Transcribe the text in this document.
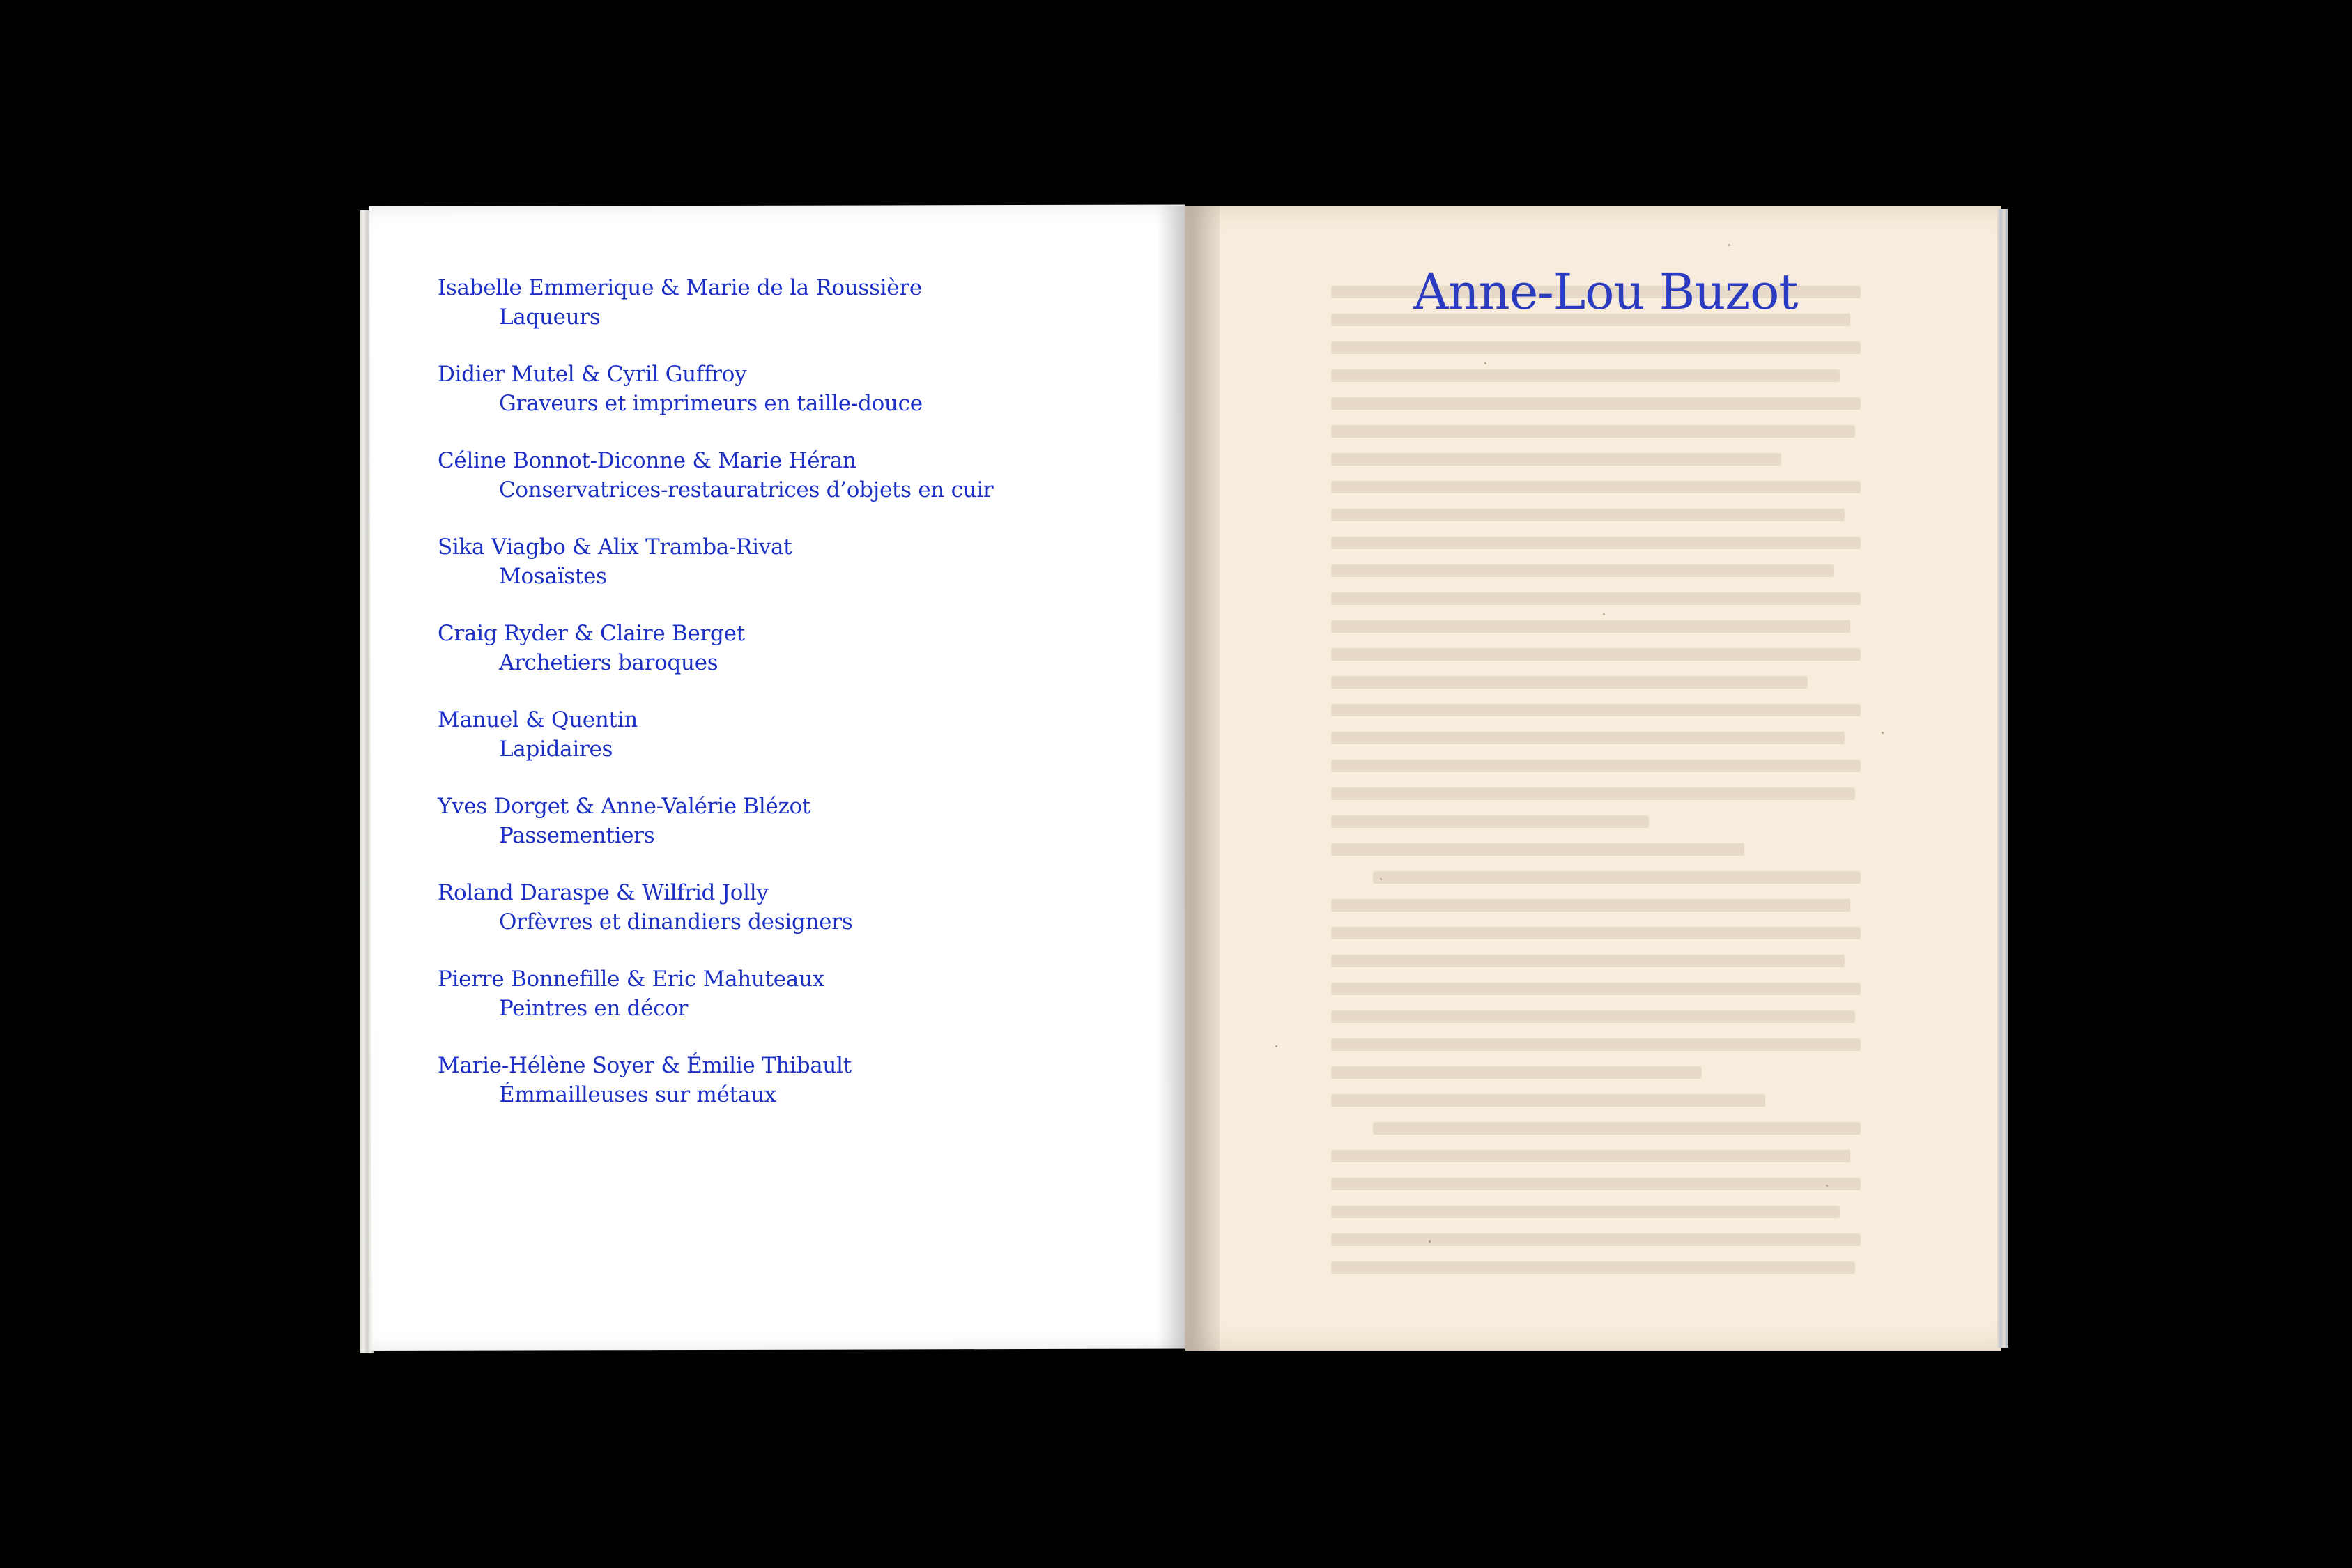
Isabelle Emmerique & Marie de la Roussière
Laqueurs
Didier Mutel & Cyril Guffroy
Graveurs et imprimeurs en taille-douce
Céline Bonnot-Diconne & Marie Héran
Conservatrices-restauratrices d’objets en cuir
Sika Viagbo & Alix Tramba-Rivat
Mosaïstes
Craig Ryder & Claire Berget
Archetiers baroques
Manuel & Quentin
Lapidaires
Yves Dorget & Anne-Valérie Blézot
Passementiers
Roland Daraspe & Wilfrid Jolly
Orfèvres et dinandiers designers
Pierre Bonnefille & Eric Mahuteaux
Peintres en décor
Marie-Hélène Soyer & Émilie Thibault
Émmailleuses sur métaux
Anne-Lou Buzot
